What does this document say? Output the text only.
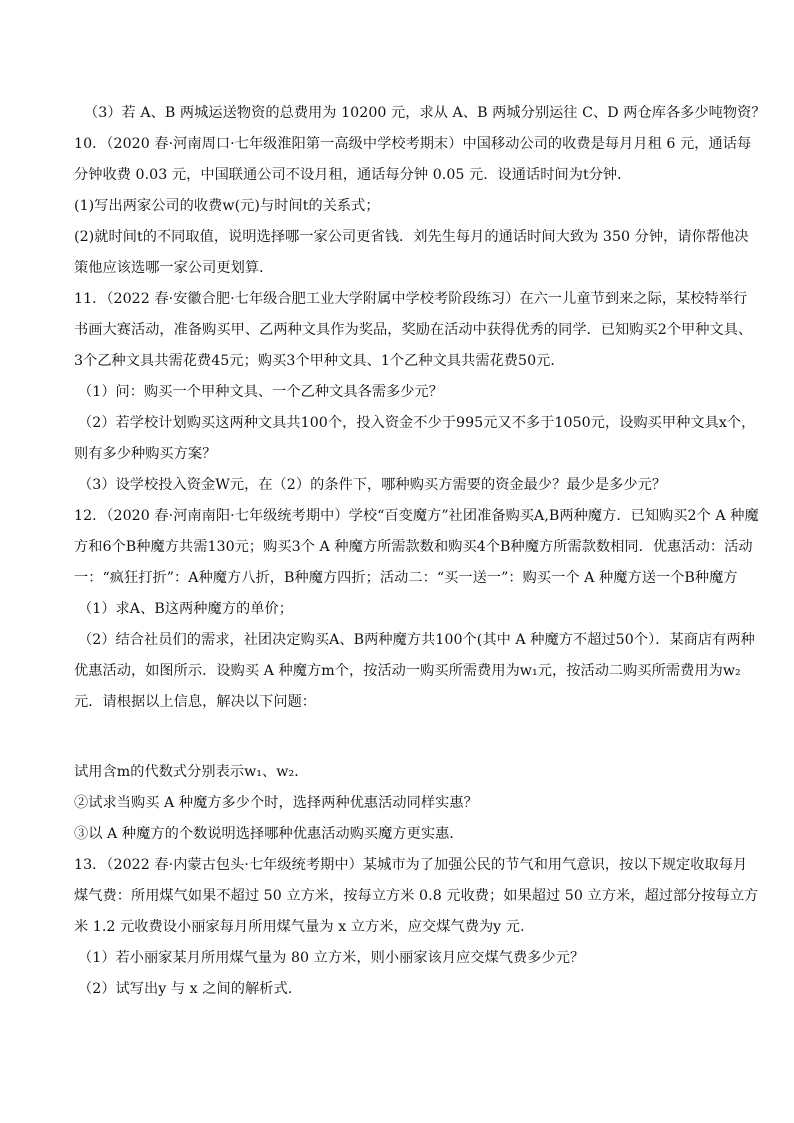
（3）若 A、B 两城运送物资的总费用为 10200 元，求从 A、B 两城分别运往 C、D 两仓库各多少吨物资？
10．（2020 春·河南周口·七年级淮阳第一高级中学校考期末）中国移动公司的收费是每月月租 6 元，通话每
分钟收费 0.03 元，中国联通公司不设月租，通话每分钟 0.05 元．设通话时间为t分钟．
(1)写出两家公司的收费w(元)与时间t的关系式；
(2)就时间t的不同取值，说明选择哪一家公司更省钱．刘先生每月的通话时间大致为 350 分钟，请你帮他决
策他应该选哪一家公司更划算．
11．（2022 春·安徽合肥·七年级合肥工业大学附属中学校考阶段练习）在六一儿童节到来之际，某校特举行
书画大赛活动，准备购买甲、乙两种文具作为奖品，奖励在活动中获得优秀的同学．已知购买2个甲种文具、
3个乙种文具共需花费45元；购买3个甲种文具、1个乙种文具共需花费50元．
（1）问：购买一个甲种文具、一个乙种文具各需多少元？
（2）若学校计划购买这两种文具共100个，投入资金不少于995元又不多于1050元，设购买甲种文具x个，
则有多少种购买方案？
（3）设学校投入资金W元，在（2）的条件下，哪种购买方需要的资金最少？最少是多少元？
12．（2020 春·河南南阳·七年级统考期中）学校“百变魔方”社团准备购买A,B两种魔方．已知购买2个 A 种魔
方和6个B种魔方共需130元；购买3个 A 种魔方所需款数和购买4个B种魔方所需款数相同．优惠活动：活动
一：“疯狂打折”：A种魔方八折，B种魔方四折；活动二：“买一送一”：购买一个 A 种魔方送一个B种魔方
（1）求A、B这两种魔方的单价；
（2）结合社员们的需求，社团决定购买A、B两种魔方共100个(其中 A 种魔方不超过50个）．某商店有两种
优惠活动，如图所示．设购买 A 种魔方m个，按活动一购买所需费用为w₁元，按活动二购买所需费用为w₂
元．请根据以上信息，解决以下问题：
试用含m的代数式分别表示w₁、w₂．
②试求当购买 A 种魔方多少个时，选择两种优惠活动同样实惠？
③以 A 种魔方的个数说明选择哪种优惠活动购买魔方更实惠．
13．（2022 春·内蒙古包头·七年级统考期中）某城市为了加强公民的节气和用气意识，按以下规定收取每月
煤气费：所用煤气如果不超过 50 立方米，按每立方米 0.8 元收费；如果超过 50 立方米，超过部分按每立方
米 1.2 元收费设小丽家每月所用煤气量为 x 立方米，应交煤气费为y 元.
（1）若小丽家某月所用煤气量为 80 立方米，则小丽家该月应交煤气费多少元？
（2）试写出y 与 x 之间的解析式.
